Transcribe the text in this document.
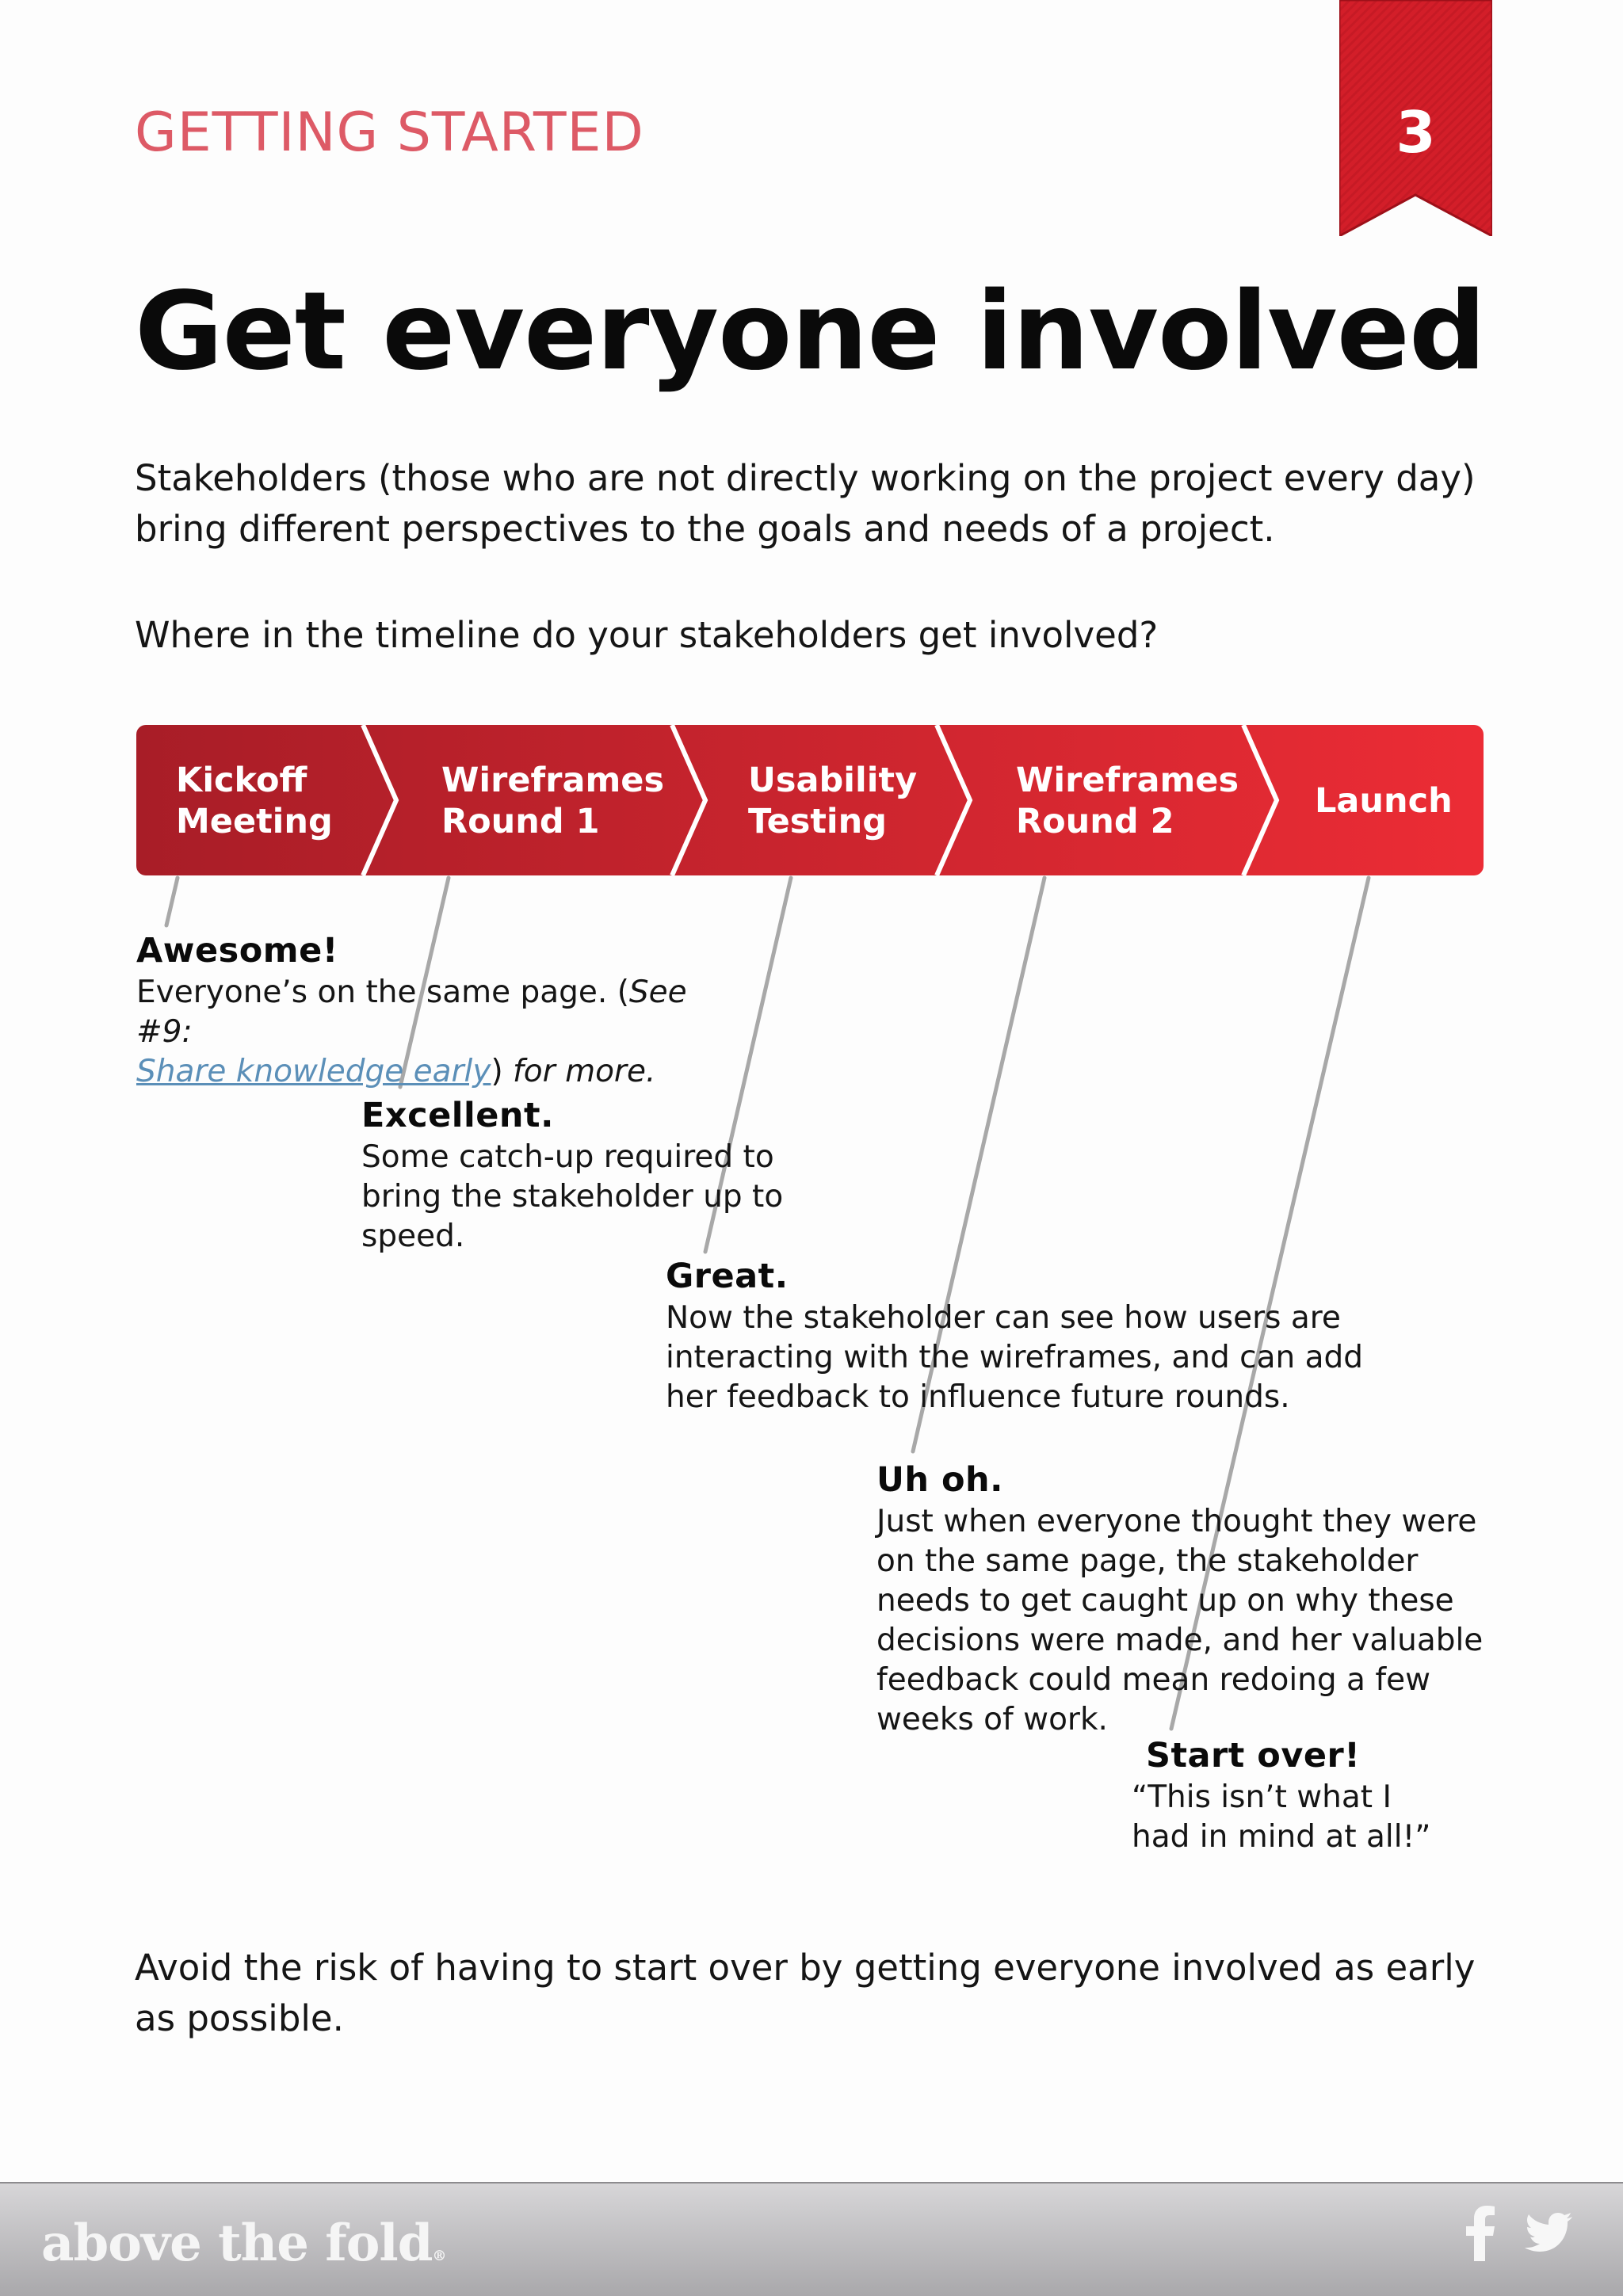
GETTING STARTED	3
Get everyone involved
Stakeholders (those who are not directly working on the project every day) bring different perspectives to the goals and needs of a project.
Where in the timeline do your stakeholders get involved?
Kickoff
Meeting
Wireframes
Round 1
Usability
Testing
Wireframes
Round 2
Launch
Awesome!
Everyone’s on the same page. (See #9:
Share knowledge early) for more.
Excellent.
Some catch-up required to bring the stakeholder up to speed.
Great.
Now the stakeholder can see how users are interacting with the wireframes, and can add her feedback to influence future rounds.
Uh oh.
Just when everyone thought they were on the same page, the stakeholder needs to get caught up on why these decisions were made, and her valuable feedback could mean redoing a few weeks of work.
Start over!
“This isn’t what I had in mind at all!”
Avoid the risk of having to start over by getting everyone involved as early as possible.
above the fold®
